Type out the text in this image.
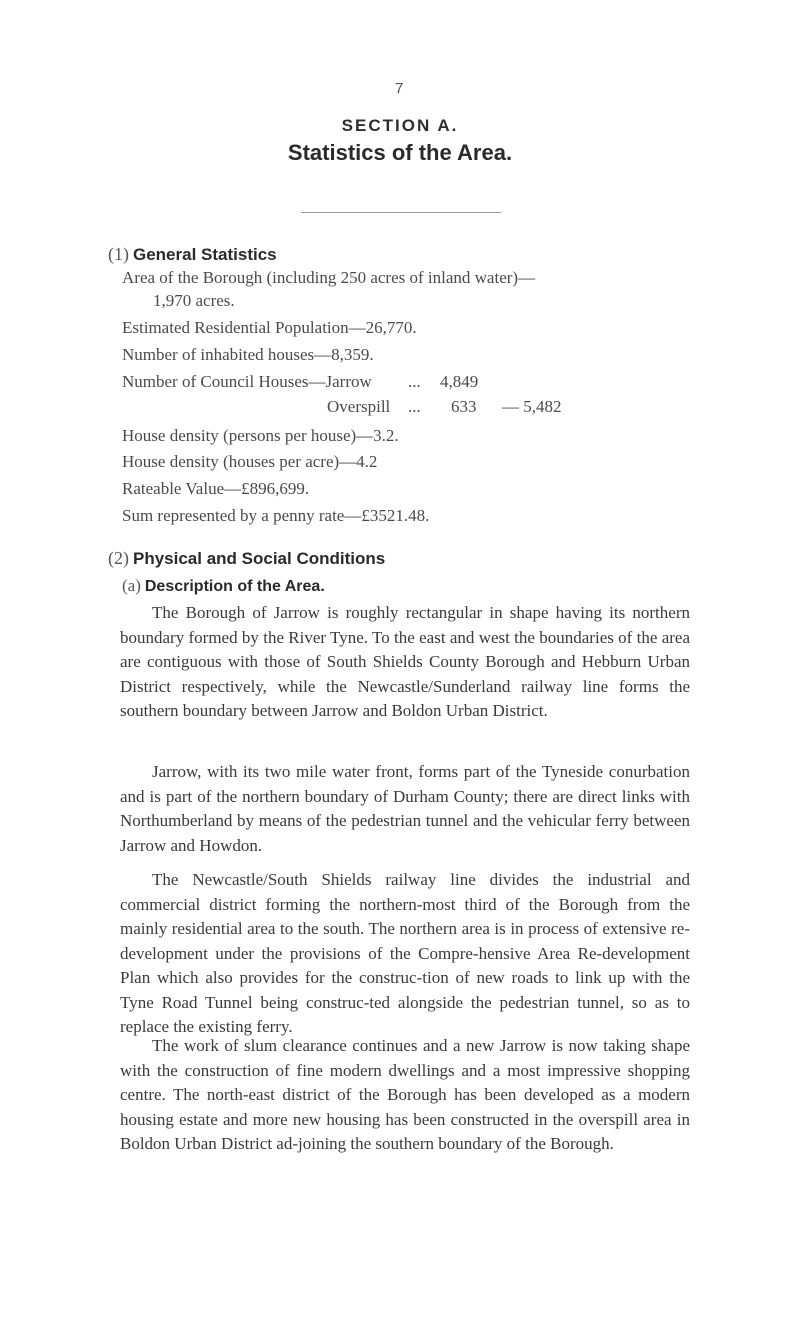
7
SECTION A.
Statistics of the Area.
(1) General Statistics
Area of the Borough (including 250 acres of inland water)—
1,970 acres.
Estimated Residential Population—26,770.
Number of inhabited houses—8,359.
Number of Council Houses—Jarrow ... 4,849
Overspill ... 633 — 5,482
House density (persons per house)—3.2.
House density (houses per acre)—4.2
Rateable Value—£896,699.
Sum represented by a penny rate—£3521.48.
(2) Physical and Social Conditions
(a) Description of the Area.
The Borough of Jarrow is roughly rectangular in shape having its northern boundary formed by the River Tyne. To the east and west the boundaries of the area are contiguous with those of South Shields County Borough and Hebburn Urban District respectively, while the Newcastle/Sunderland railway line forms the southern boundary between Jarrow and Boldon Urban District.
Jarrow, with its two mile water front, forms part of the Tyneside conurbation and is part of the northern boundary of Durham County; there are direct links with Northumberland by means of the pedestrian tunnel and the vehicular ferry between Jarrow and Howdon.
The Newcastle/South Shields railway line divides the industrial and commercial district forming the northern-most third of the Borough from the mainly residential area to the south. The northern area is in process of extensive re-development under the provisions of the Compre-hensive Area Re-development Plan which also provides for the construc-tion of new roads to link up with the Tyne Road Tunnel being construc-ted alongside the pedestrian tunnel, so as to replace the existing ferry.
The work of slum clearance continues and a new Jarrow is now taking shape with the construction of fine modern dwellings and a most impressive shopping centre. The north-east district of the Borough has been developed as a modern housing estate and more new housing has been constructed in the overspill area in Boldon Urban District ad-joining the southern boundary of the Borough.
